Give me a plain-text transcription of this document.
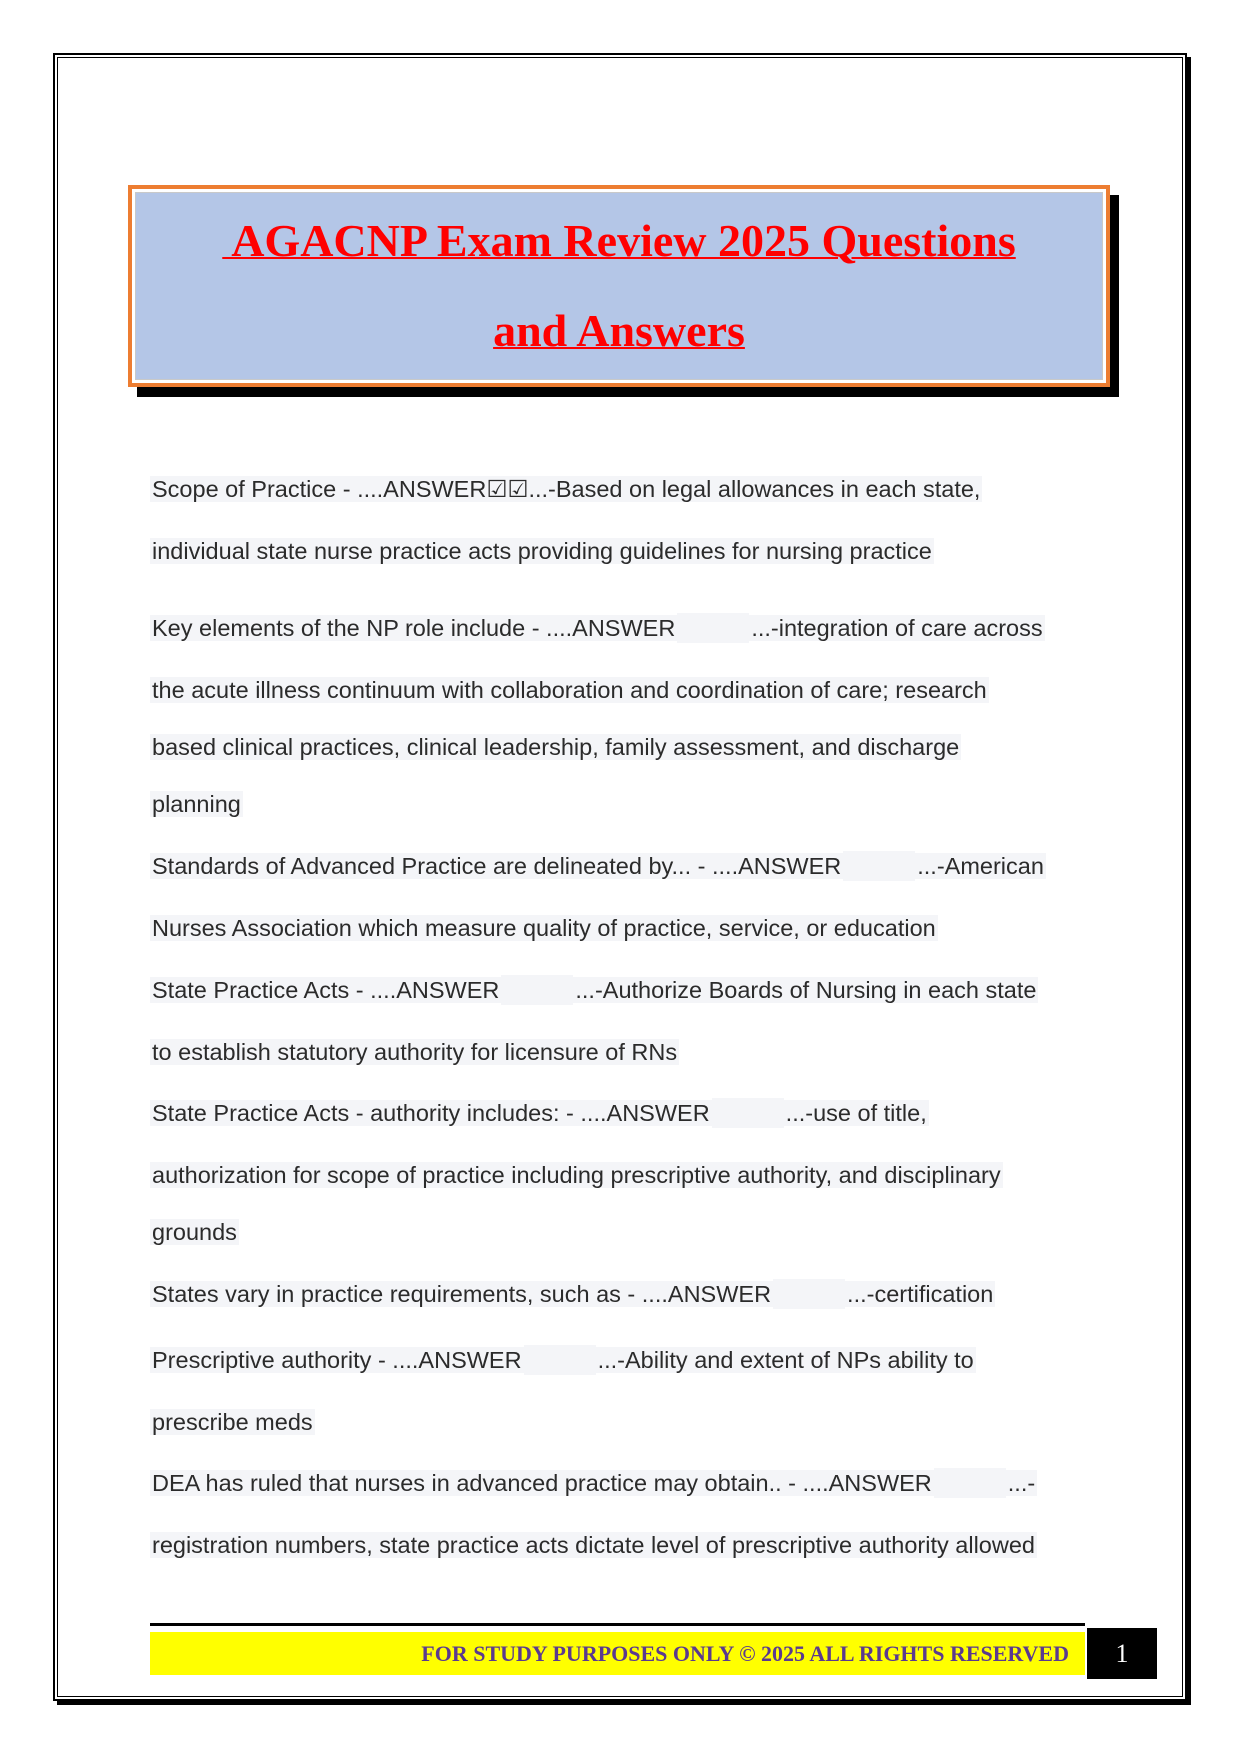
AGACNP Exam Review 2025 Questions
and Answers
Scope of Practice - ....ANSWER☑☑...-Based on legal allowances in each state,
individual state nurse practice acts providing guidelines for nursing practice
Key elements of the NP role include - ....ANSWER	...-integration of care across
the acute illness continuum with collaboration and coordination of care; research
based clinical practices, clinical leadership, family assessment, and discharge
planning
Standards of Advanced Practice are delineated by... - ....ANSWER	...-American
Nurses Association which measure quality of practice, service, or education
State Practice Acts - ....ANSWER	...-Authorize Boards of Nursing in each state
to establish statutory authority for licensure of RNs
State Practice Acts - authority includes: - ....ANSWER	...-use of title,
authorization for scope of practice including prescriptive authority, and disciplinary
grounds
States vary in practice requirements, such as - ....ANSWER	...-certification
Prescriptive authority - ....ANSWER	...-Ability and extent of NPs ability to
prescribe meds
DEA has ruled that nurses in advanced practice may obtain.. - ....ANSWER	...-
registration numbers, state practice acts dictate level of prescriptive authority allowed
FOR STUDY PURPOSES ONLY © 2025 ALL RIGHTS RESERVED	1
